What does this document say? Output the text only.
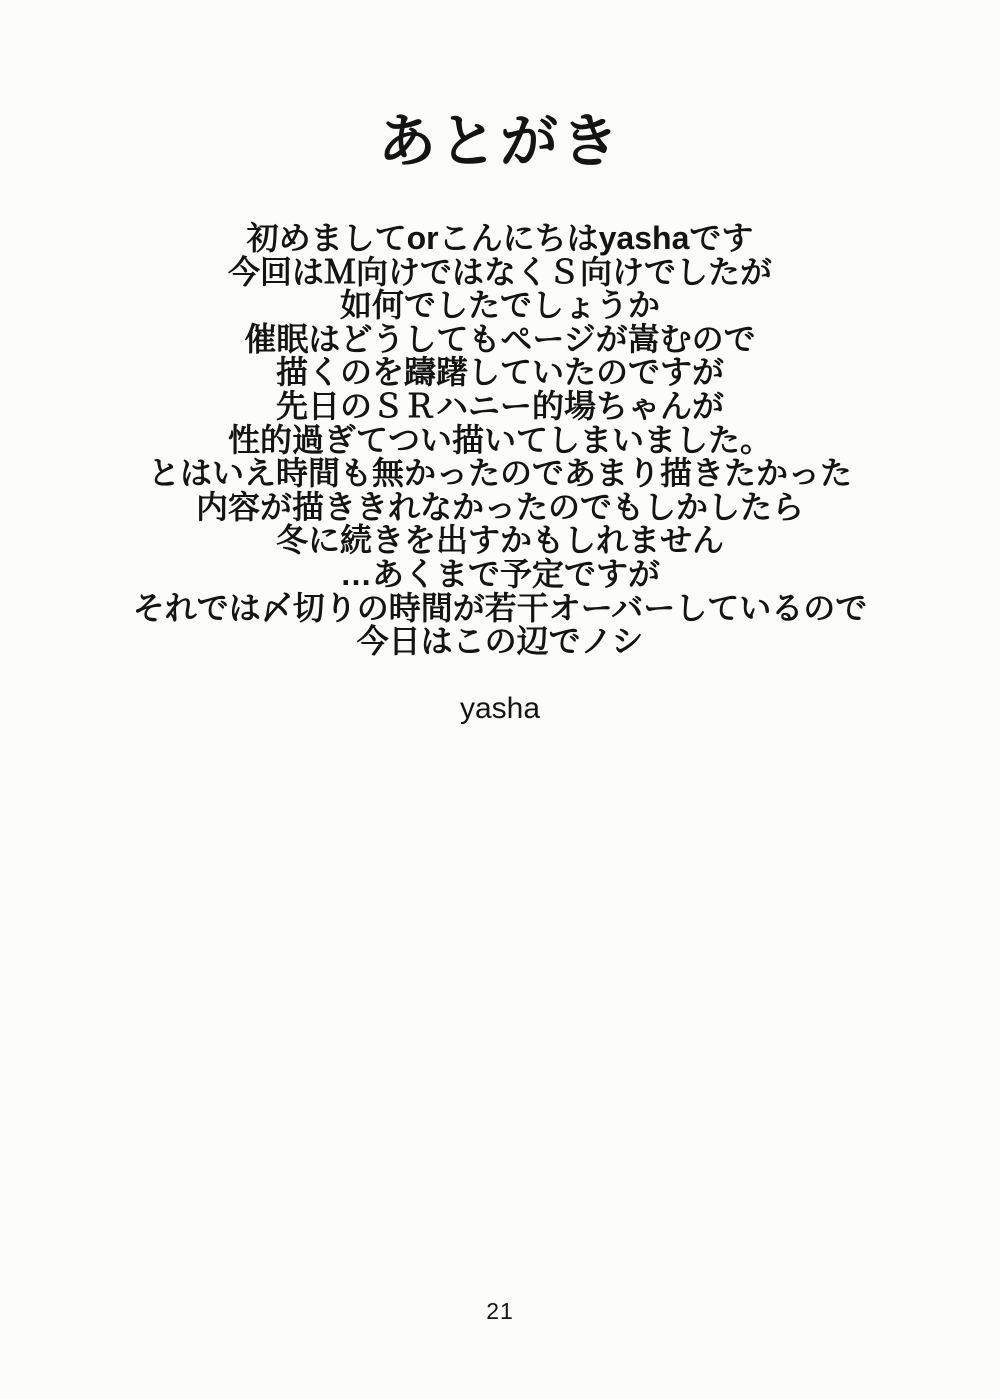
あとがき
初めましてorこんにちはyashaです
今回はＭ向けではなくＳ向けでしたが
如何でしたでしょうか
催眠はどうしてもページが嵩むので
描くのを躊躇していたのですが
先日のＳＲハニー的場ちゃんが
性的過ぎてつい描いてしまいました。
とはいえ時間も無かったのであまり描きたかった
内容が描ききれなかったのでもしかしたら
冬に続きを出すかもしれません
…あくまで予定ですが
それでは〆切りの時間が若干オーバーしているので
今日はこの辺でノシ
yasha
21
